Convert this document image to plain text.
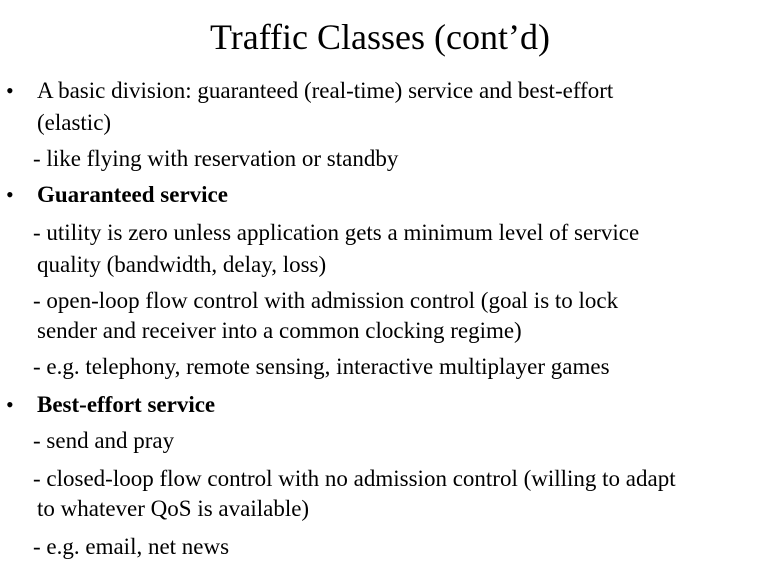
Traffic Classes (cont’d)
• A basic division: guaranteed (real-time) service and best-effort
(elastic)
- like flying with reservation or standby
• Guaranteed service
- utility is zero unless application gets a minimum level of service
quality (bandwidth, delay, loss)
- open-loop flow control with admission control (goal is to lock
sender and receiver into a common clocking regime)
- e.g. telephony, remote sensing, interactive multiplayer games
• Best-effort service
- send and pray
- closed-loop flow control with no admission control (willing to adapt
to whatever QoS is available)
- e.g. email, net news
